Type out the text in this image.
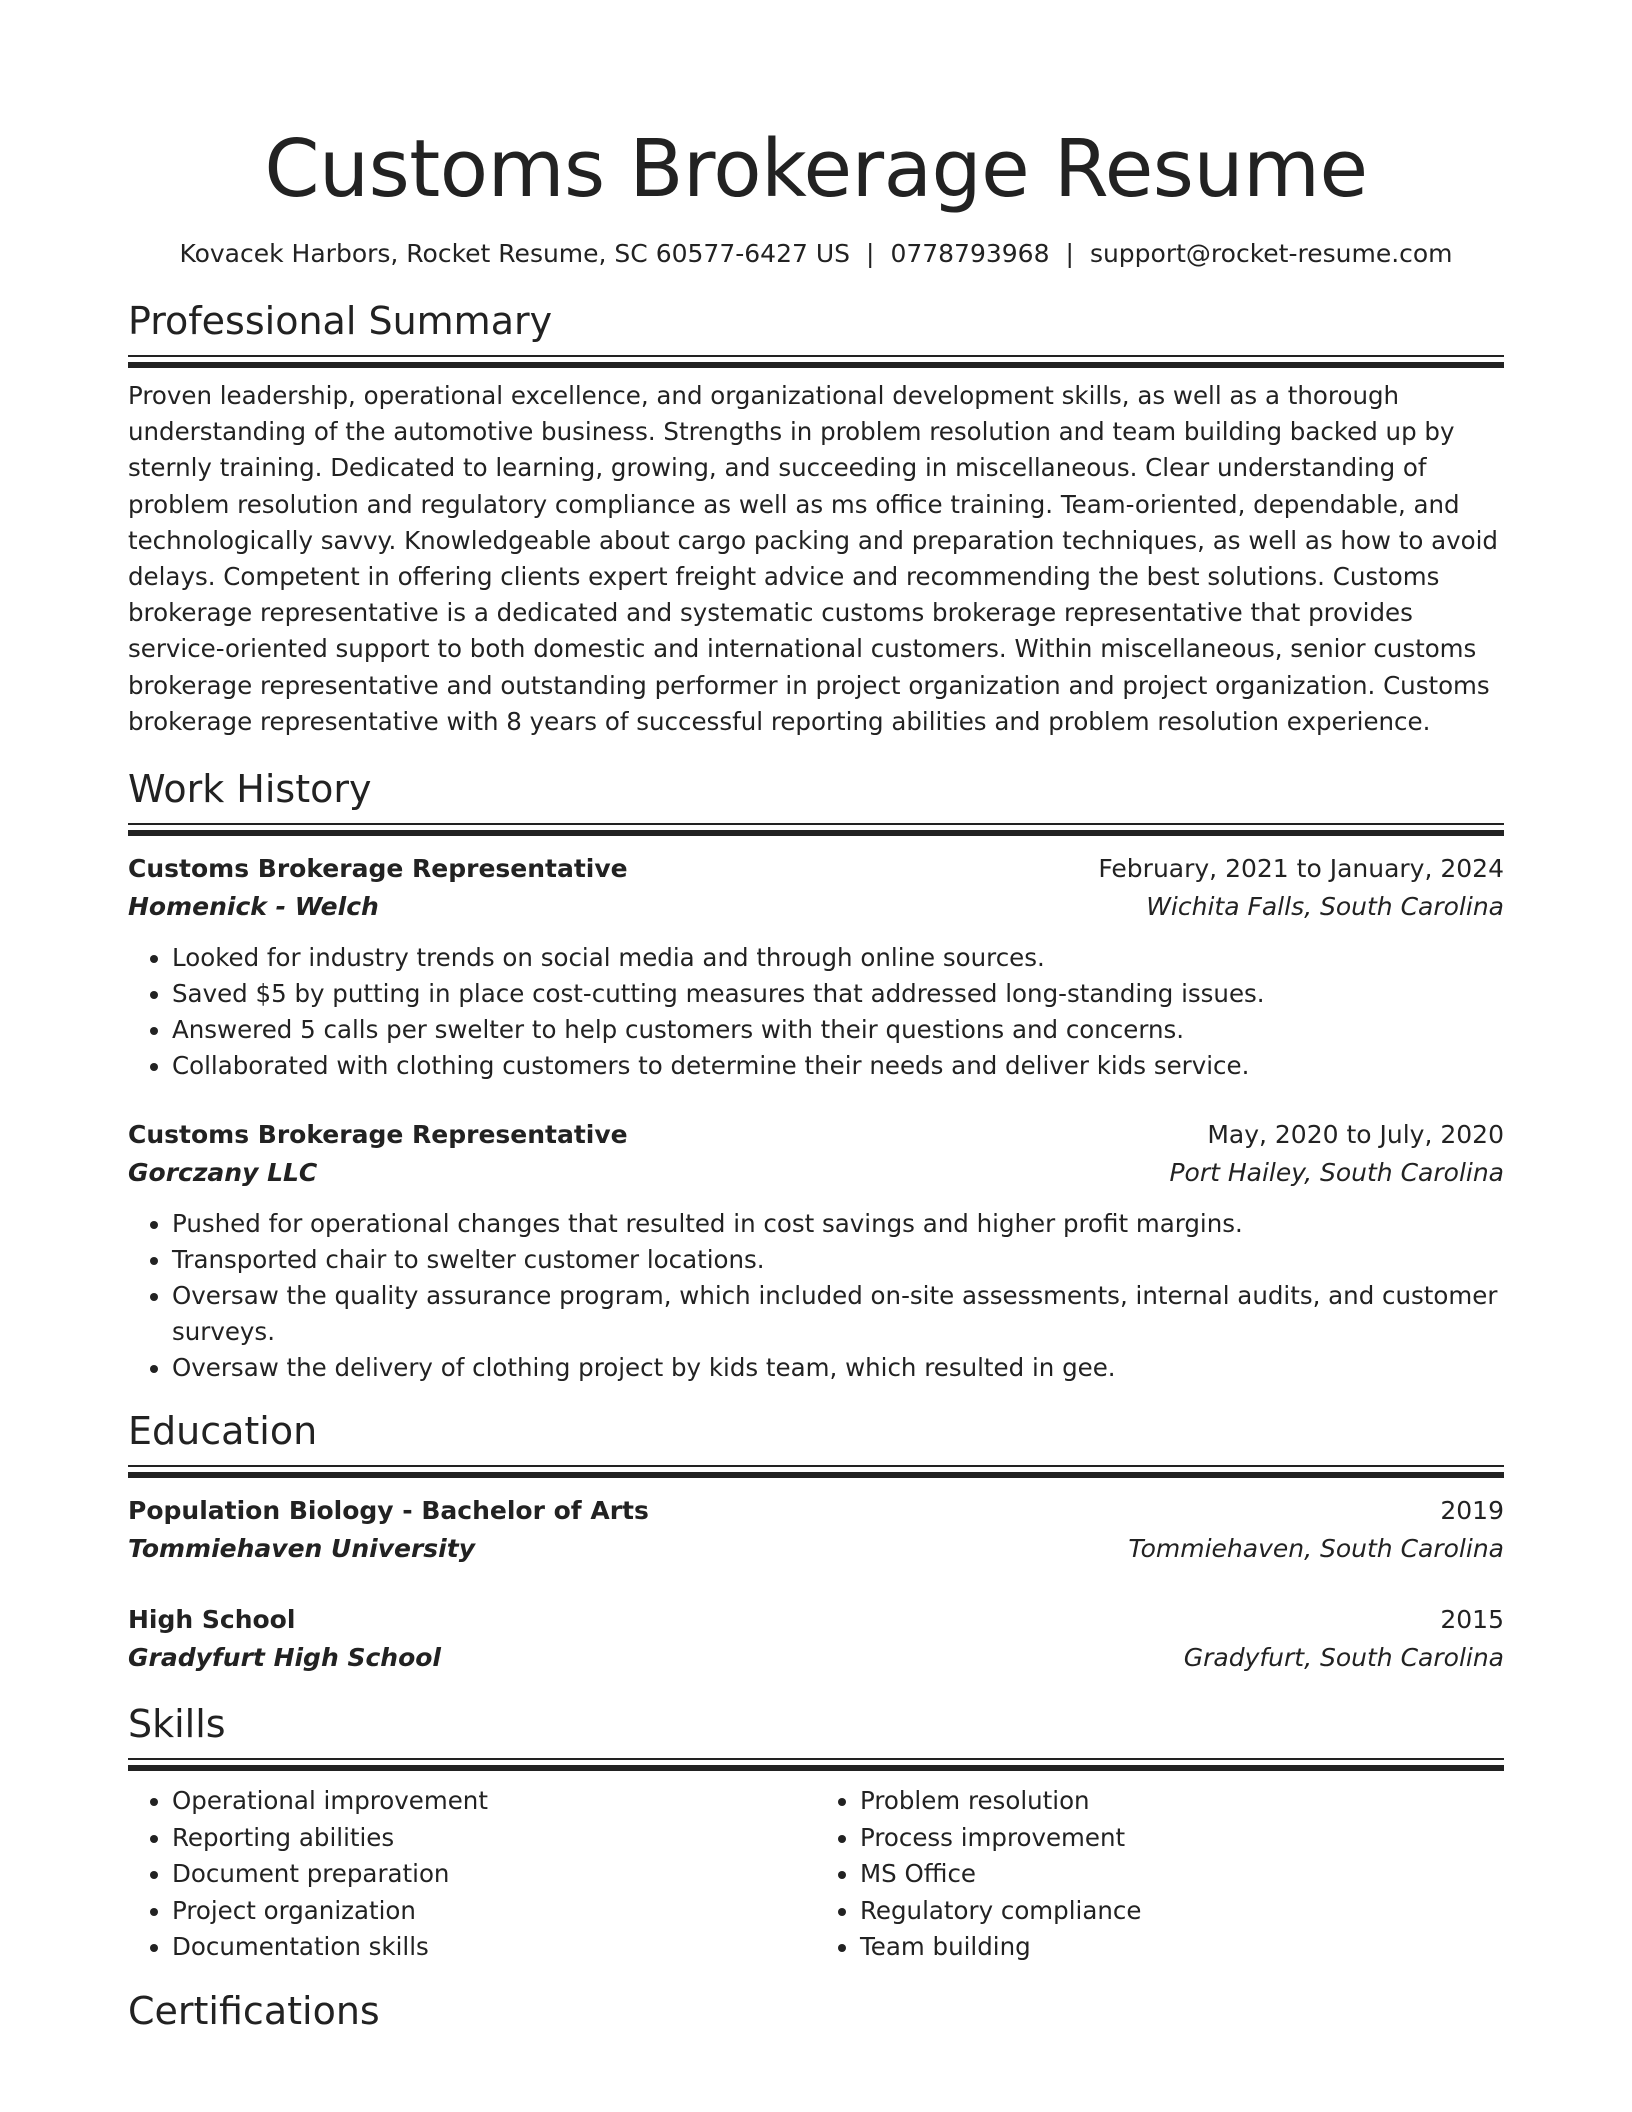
Customs Brokerage Resume
Kovacek Harbors, Rocket Resume, SC 60577-6427 US | 0778793968 | support@rocket-resume.com
Professional Summary

Proven leadership, operational excellence, and organizational development skills, as well as a thorough understanding of the automotive business. Strengths in problem resolution and team building backed up by sternly training. Dedicated to learning, growing, and succeeding in miscellaneous. Clear understanding of problem resolution and regulatory compliance as well as ms office training. Team-oriented, dependable, and technologically savvy. Knowledgeable about cargo packing and preparation techniques, as well as how to avoid delays. Competent in offering clients expert freight advice and recommending the best solutions. Customs brokerage representative is a dedicated and systematic customs brokerage representative that provides service-oriented support to both domestic and international customers. Within miscellaneous, senior customs brokerage representative and outstanding performer in project organization and project organization. Customs brokerage representative with 8 years of successful reporting abilities and problem resolution experience.

Work History
Customs Brokerage Representative	February, 2021 to January, 2024
Homenick - Welch	Wichita Falls, South Carolina
• Looked for industry trends on social media and through online sources.
• Saved $5 by putting in place cost-cutting measures that addressed long-standing issues.
• Answered 5 calls per swelter to help customers with their questions and concerns.
• Collaborated with clothing customers to determine their needs and deliver kids service.
Customs Brokerage Representative	May, 2020 to July, 2020
Gorczany LLC	Port Hailey, South Carolina
• Pushed for operational changes that resulted in cost savings and higher profit margins.
• Transported chair to swelter customer locations.
• Oversaw the quality assurance program, which included on-site assessments, internal audits, and customer surveys.
• Oversaw the delivery of clothing project by kids team, which resulted in gee.
Education
Population Biology - Bachelor of Arts	2019
Tommiehaven University	Tommiehaven, South Carolina
High School	2015
Gradyfurt High School	Gradyfurt, South Carolina
Skills
• Operational improvement
• Reporting abilities
• Document preparation
• Project organization
• Documentation skills
• Problem resolution
• Process improvement
• MS Office
• Regulatory compliance
• Team building
Certifications
